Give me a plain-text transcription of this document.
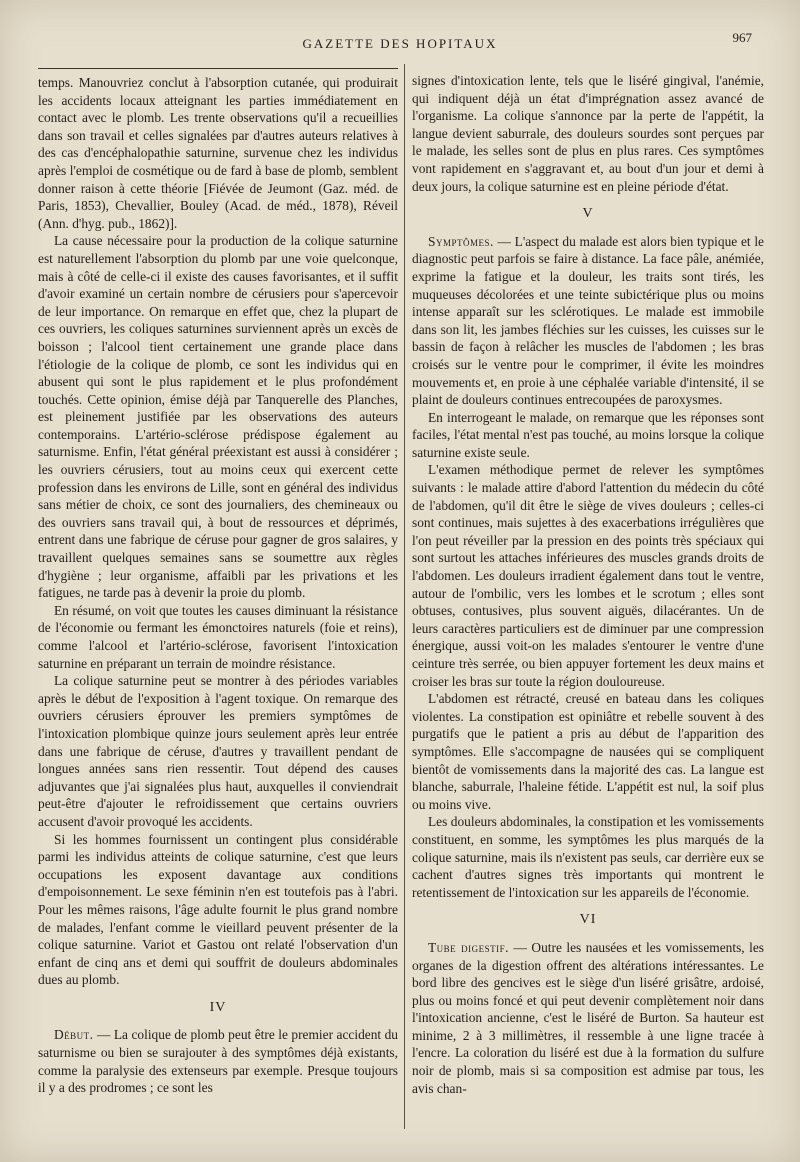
GAZETTE DES HOPITAUX	967

temps. Manouvriez conclut à l'absorption cutanée, qui produirait les accidents locaux atteignant les parties immédiatement en contact avec le plomb. Les trente observations qu'il a recueillies dans son travail et celles signalées par d'autres auteurs relatives à des cas d'encéphalopathie saturnine, survenue chez les individus après l'emploi de cosmétique ou de fard à base de plomb, semblent donner raison à cette théorie [Fiévée de Jeumont (Gaz. méd. de Paris, 1853), Chevallier, Bouley (Acad. de méd., 1878), Réveil (Ann. d'hyg. pub., 1862)].

La cause nécessaire pour la production de la colique saturnine est naturellement l'absorption du plomb par une voie quelconque, mais à côté de celle-ci il existe des causes favorisantes, et il suffit d'avoir examiné un certain nombre de cérusiers pour s'apercevoir de leur importance. On remarque en effet que, chez la plupart de ces ouvriers, les coliques saturnines surviennent après un excès de boisson ; l'alcool tient certainement une grande place dans l'étiologie de la colique de plomb, ce sont les individus qui en abusent qui sont le plus rapidement et le plus profondément touchés. Cette opinion, émise déjà par Tanquerelle des Planches, est pleinement justifiée par les observations des auteurs contemporains. L'artério-sclérose prédispose également au saturnisme. Enfin, l'état général préexistant est aussi à considérer ; les ouvriers cérusiers, tout au moins ceux qui exercent cette profession dans les environs de Lille, sont en général des individus sans métier de choix, ce sont des journaliers, des chemineaux ou des ouvriers sans travail qui, à bout de ressources et déprimés, entrent dans une fabrique de céruse pour gagner de gros salaires, y travaillent quelques semaines sans se soumettre aux règles d'hygiène ; leur organisme, affaibli par les privations et les fatigues, ne tarde pas à devenir la proie du plomb.

En résumé, on voit que toutes les causes diminuant la résistance de l'économie ou fermant les émonctoires naturels (foie et reins), comme l'alcool et l'artério-sclérose, favorisent l'intoxication saturnine en préparant un terrain de moindre résistance.

La colique saturnine peut se montrer à des périodes variables après le début de l'exposition à l'agent toxique. On remarque des ouvriers cérusiers éprouver les premiers symptômes de l'intoxication plombique quinze jours seulement après leur entrée dans une fabrique de céruse, d'autres y travaillent pendant de longues années sans rien ressentir. Tout dépend des causes adjuvantes que j'ai signalées plus haut, auxquelles il conviendrait peut-être d'ajouter le refroidissement que certains ouvriers accusent d'avoir provoqué les accidents.

Si les hommes fournissent un contingent plus considérable parmi les individus atteints de colique saturnine, c'est que leurs occupations les exposent davantage aux conditions d'empoisonnement. Le sexe féminin n'en est toutefois pas à l'abri. Pour les mêmes raisons, l'âge adulte fournit le plus grand nombre de malades, l'enfant comme le vieillard peuvent présenter de la colique saturnine. Variot et Gastou ont relaté l'observation d'un enfant de cinq ans et demi qui souffrit de douleurs abdominales dues au plomb.

IV

Début. — La colique de plomb peut être le premier accident du saturnisme ou bien se surajouter à des symptômes déjà existants, comme la paralysie des extenseurs par exemple. Presque toujours il y a des prodromes ; ce sont les

signes d'intoxication lente, tels que le liséré gingival, l'anémie, qui indiquent déjà un état d'imprégnation assez avancé de l'organisme. La colique s'annonce par la perte de l'appétit, la langue devient saburrale, des douleurs sourdes sont perçues par le malade, les selles sont de plus en plus rares. Ces symptômes vont rapidement en s'aggravant et, au bout d'un jour et demi à deux jours, la colique saturnine est en pleine période d'état.

V

Symptômes. — L'aspect du malade est alors bien typique et le diagnostic peut parfois se faire à distance. La face pâle, anémiée, exprime la fatigue et la douleur, les traits sont tirés, les muqueuses décolorées et une teinte subictérique plus ou moins intense apparaît sur les sclérotiques. Le malade est immobile dans son lit, les jambes fléchies sur les cuisses, les cuisses sur le bassin de façon à relâcher les muscles de l'abdomen ; les bras croisés sur le ventre pour le comprimer, il évite les moindres mouvements et, en proie à une céphalée variable d'intensité, il se plaint de douleurs continues entrecoupées de paroxysmes.

En interrogeant le malade, on remarque que les réponses sont faciles, l'état mental n'est pas touché, au moins lorsque la colique saturnine existe seule.

L'examen méthodique permet de relever les symptômes suivants : le malade attire d'abord l'attention du médecin du côté de l'abdomen, qu'il dit être le siège de vives douleurs ; celles-ci sont continues, mais sujettes à des exacerbations irrégulières que l'on peut réveiller par la pression en des points très spéciaux qui sont surtout les attaches inférieures des muscles grands droits de l'abdomen. Les douleurs irradient également dans tout le ventre, autour de l'ombilic, vers les lombes et le scrotum ; elles sont obtuses, contusives, plus souvent aiguës, dilacérantes. Un de leurs caractères particuliers est de diminuer par une compression énergique, aussi voit-on les malades s'entourer le ventre d'une ceinture très serrée, ou bien appuyer fortement les deux mains et croiser les bras sur toute la région douloureuse.

L'abdomen est rétracté, creusé en bateau dans les coliques violentes. La constipation est opiniâtre et rebelle souvent à des purgatifs que le patient a pris au début de l'apparition des symptômes. Elle s'accompagne de nausées qui se compliquent bientôt de vomissements dans la majorité des cas. La langue est blanche, saburrale, l'haleine fétide. L'appétit est nul, la soif plus ou moins vive.

Les douleurs abdominales, la constipation et les vomissements constituent, en somme, les symptômes les plus marqués de la colique saturnine, mais ils n'existent pas seuls, car derrière eux se cachent d'autres signes très importants qui montrent le retentissement de l'intoxication sur les appareils de l'économie.

VI

Tube digestif. — Outre les nausées et les vomissements, les organes de la digestion offrent des altérations intéressantes. Le bord libre des gencives est le siège d'un liséré grisâtre, ardoisé, plus ou moins foncé et qui peut devenir complètement noir dans l'intoxication ancienne, c'est le liséré de Burton. Sa hauteur est minime, 2 à 3 millimètres, il ressemble à une ligne tracée à l'encre. La coloration du liséré est due à la formation du sulfure noir de plomb, mais si sa composition est admise par tous, les avis chan-
